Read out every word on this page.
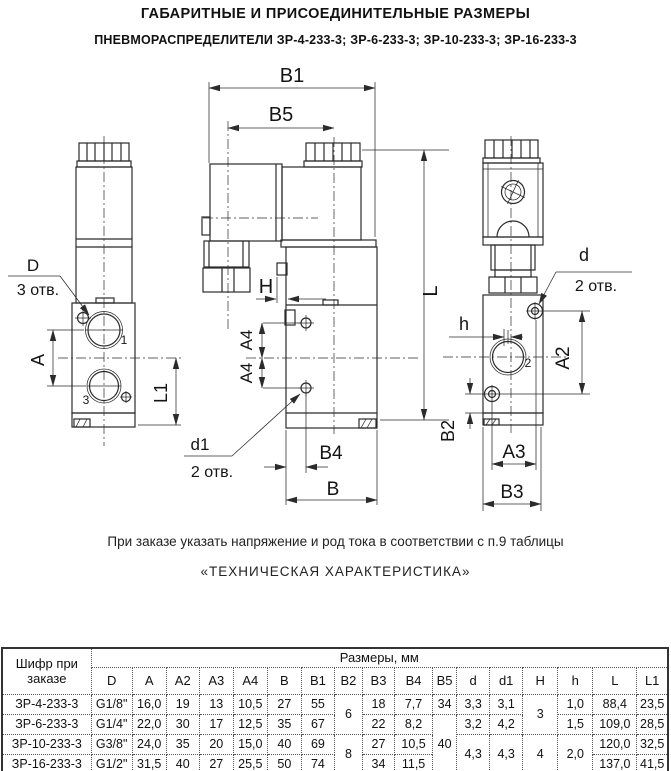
ГАБАРИТНЫЕ И ПРИСОЕДИНИТЕЛЬНЫЕ РАЗМЕРЫ
ПНЕВМОРАСПРЕДЕЛИТЕЛИ ЗР-4-233-3; ЗР-6-233-3; ЗР-10-233-3; ЗР-16-233-3
1
3
A
L1
D
3 отв.
B1
B5
H
A4
A4
d1
2 отв.
B4
B
L
2
d
2 отв.
h
A2
B2
A3
B3
При заказе указать напряжение и род тока в соответствии с п.9 таблицы
«ТЕХНИЧЕСКАЯ ХАРАКТЕРИСТИКА»
Шифр при заказе	Размеры, мм																
	D	A	A2	A3	A4	B	B1	B2	B3	B4	B5	d	d1	H	h	L	L1
ЗР-4-233-3	G1/8"	16,0	19	13	10,5	27	55	6	18	7,7	34	3,3	3,1	3	1,0	88,4	23,5
ЗР-6-233-3	G1/4"	22,0	30	17	12,5	35	67		22	8,2	40	3,2	4,2		1,5	109,0	28,5
ЗР-10-233-3	G3/8"	24,0	35	20	15,0	40	69	8	27	10,5		4,3	4,3	4	2,0	120,0	32,5
ЗР-16-233-3	G1/2"	31,5	40	27	25,5	50	74		34	11,5						137,0	41,5
